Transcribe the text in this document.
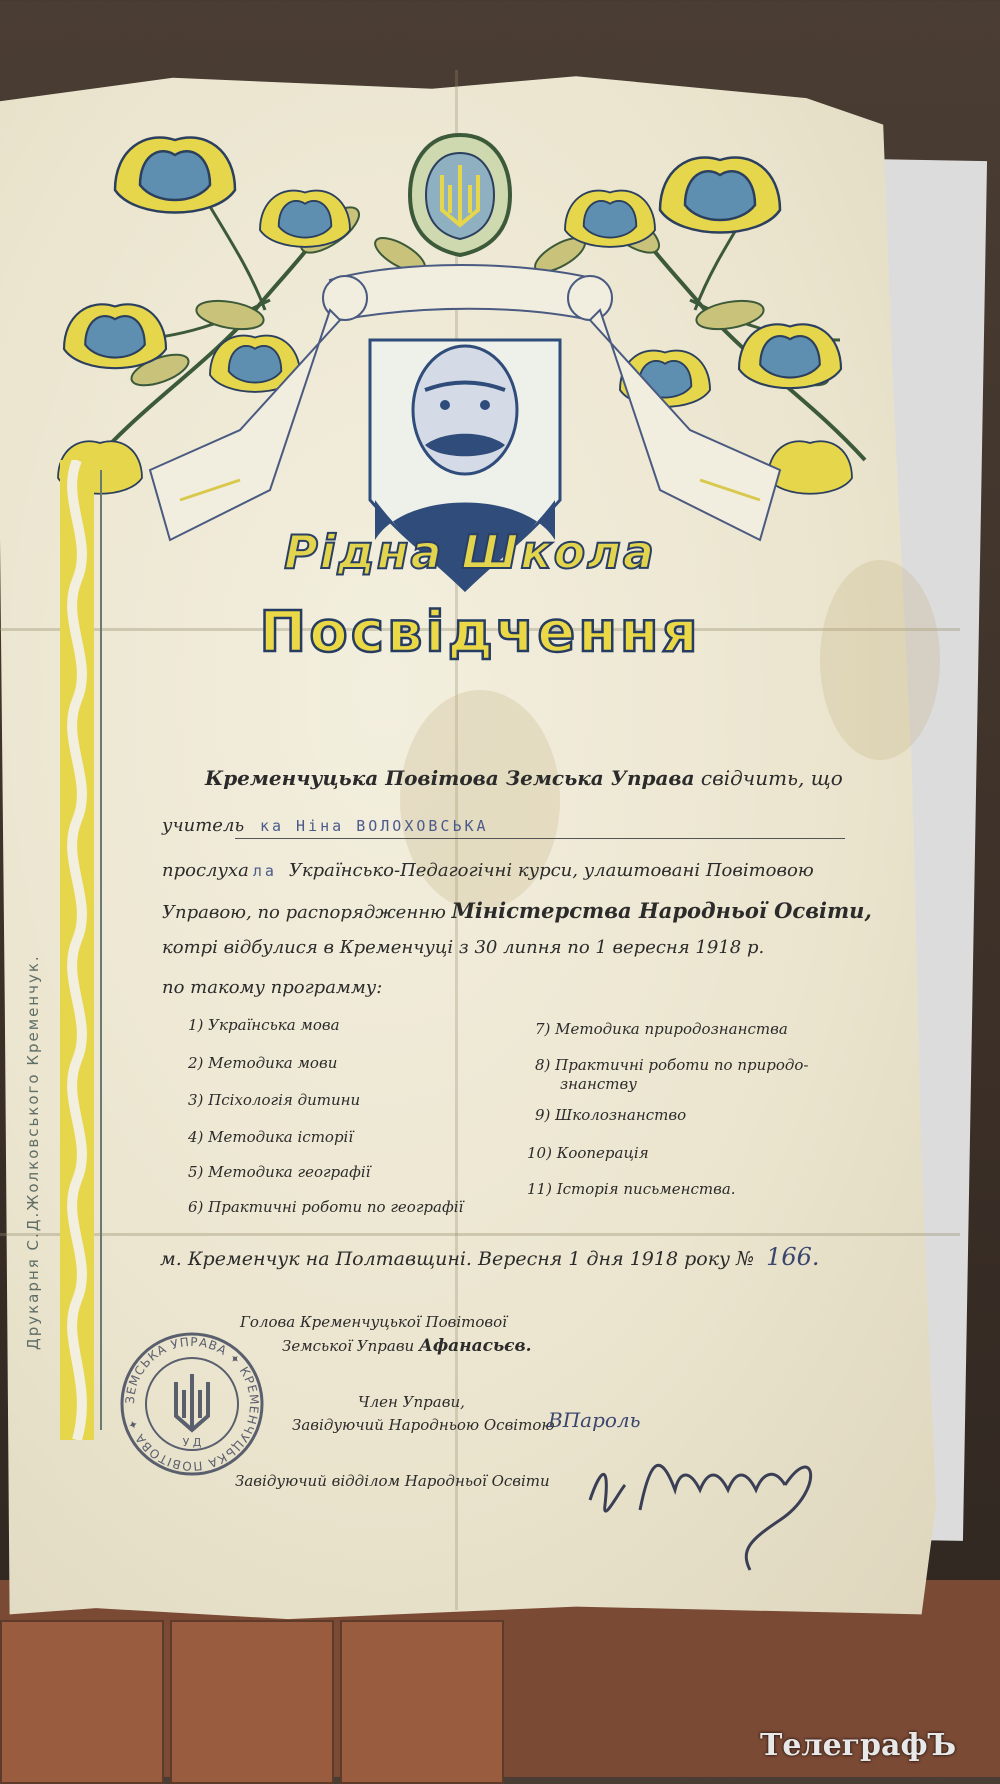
Рідна Школа
Посвідчення
Кременчуцька Повітова Земська Управа свідчить, що
учитель ка Ніна ВОЛОХОВСЬКА
прослуха ла Українсько-Педагогічні курси, улаштовані Повітовою
Управою, по распорядженню Міністерства Народньої Освіти,
котрі відбулися в Кременчуці з 30 липня по 1 вересня 1918 р.
по такому программу:
1) Українська мова
2) Методика мови
3) Псіхологія дитини
4) Методика історії
5) Методика географії
6) Практичні роботи по географії
7) Методика природознанства
8) Практичні роботи по природо-
знанству
9) Школознанство
10) Кооперація
11) Історія письменства.
м. Кременчук на Полтавщині. Вересня 1 дня 1918 року № 166.
Голова Кременчуцької Повітової
Земської Управи Афанасьєв.
Член Управи,
Завідуючий Народньою Освітою
ВПароль
Завідуючий відділом Народньої Освіти
ЗЕМСЬКА УПРАВА ✦ КРЕМЕНЧУЦЬКА ПОВІТОВА ✦
У Д
ТелеграфЪ
